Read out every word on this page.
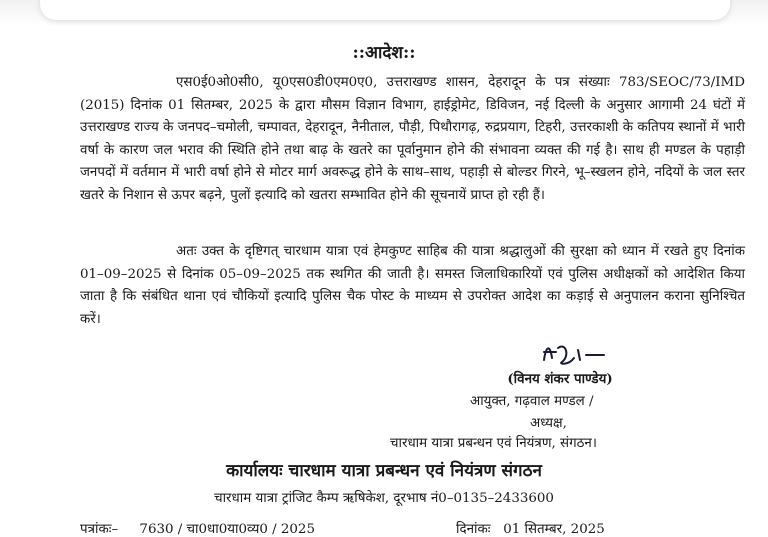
::आदेश::

एस0ई0ओ0सी0, यू0एस0डी0एम0ए0, उत्तराखण्ड शासन, देहरादून के पत्र संख्याः 783/SEOC/73/IMD (2015) दिनांक 01 सितम्बर, 2025 के द्वारा मौसम विज्ञान विभाग, हाईड्रोमेट, डिविजन, नई दिल्ली के अनुसार आगामी 24 घंटों में उत्तराखण्ड राज्य के जनपद–चमोली, चम्पावत, देहरादून, नैनीताल, पौड़ी, पिथौरागढ़, रुद्रप्रयाग, टिहरी, उत्तरकाशी के कतिपय स्थानों में भारी वर्षा के कारण जल भराव की स्थिति होने तथा बाढ़ के खतरे का पूर्वानुमान होने की संभावना व्यक्त की गई है। साथ ही मण्डल के पहाड़ी जनपदों में वर्तमान में भारी वर्षा होने से मोटर मार्ग अवरूद्ध होने के साथ–साथ, पहाड़ी से बोल्डर गिरने, भू–स्खलन होने, नदियों के जल स्तर खतरे के निशान से ऊपर बढ़ने, पुलों इत्यादि को खतरा सम्भावित होने की सूचनायें प्राप्त हो रही हैं।

अतः उक्त के दृष्टिगत् चारधाम यात्रा एवं हेमकुण्ट साहिब की यात्रा श्रद्धालुओं की सुरक्षा को ध्यान में रखते हुए दिनांक 01–09–2025 से दिनांक 05–09–2025 तक स्थगित की जाती है। समस्त जिलाधिकारियों एवं पुलिस अधीक्षकों को आदेशित किया जाता है कि संबंधित थाना एवं चौकियों इत्यादि पुलिस चैक पोस्ट के माध्यम से उपरोक्त आदेश का कड़ाई से अनुपालन कराना सुनिश्चित करें।

(विनय शंकर पाण्डेय)
आयुक्त, गढ़वाल मण्डल /
अध्यक्ष,
चारधाम यात्रा प्रबन्धन एवं नियंत्रण, संगठन।
कार्यालयः चारधाम यात्रा प्रबन्धन एवं नियंत्रण संगठन
चारधाम यात्रा ट्रांजिट कैम्प ऋषिकेश, दूरभाष नं0–0135–2433600
पत्रांकः–     7630 / चा0धा0या0व्य0 / 2025	दिनांकः   01 सितम्बर, 2025
